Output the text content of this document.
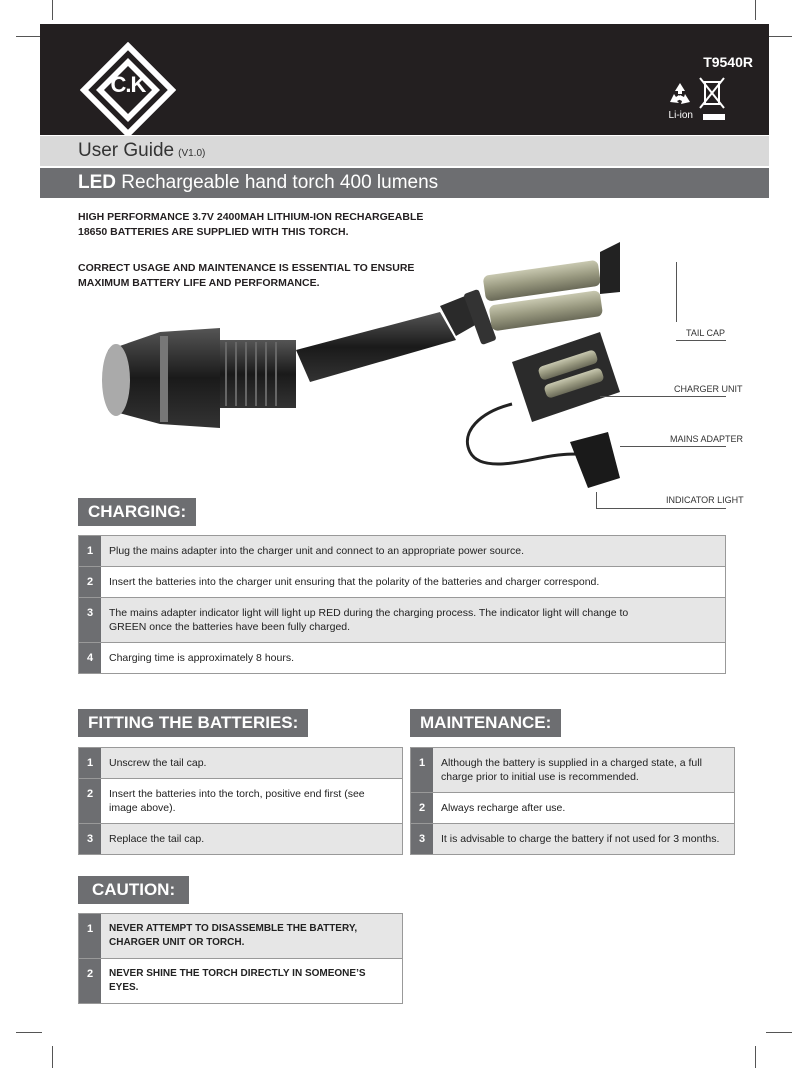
C.K
T9540R
Li-ion
User Guide (V1.0)
LED Rechargeable hand torch 400 lumens
HIGH PERFORMANCE 3.7V 2400MAH LITHIUM-ION RECHARGEABLE 18650 BATTERIES ARE SUPPLIED WITH THIS TORCH.
CORRECT USAGE AND MAINTENANCE IS ESSENTIAL TO ENSURE MAXIMUM BATTERY LIFE AND PERFORMANCE.
TAIL CAP
CHARGER UNIT
MAINS ADAPTER
INDICATOR LIGHT
CHARGING:
1	Plug the mains adapter into the charger unit and connect to an appropriate power source.
2	Insert the batteries into the charger unit ensuring that the polarity of the batteries and charger correspond.
3	The mains adapter indicator light will light up RED during the charging process. The indicator light will change to GREEN once the batteries have been fully charged.
4	Charging time is approximately 8 hours.
FITTING THE BATTERIES:
1	Unscrew the tail cap.
2	Insert the batteries into the torch, positive end first (see image above).
3	Replace the tail cap.
MAINTENANCE:
1	Although the battery is supplied in a charged state, a full charge prior to initial use is recommended.
2	Always recharge after use.
3	It is advisable to charge the battery if not used for 3 months.
CAUTION:
1	NEVER ATTEMPT TO DISASSEMBLE THE BATTERY, CHARGER UNIT OR TORCH.
2	NEVER SHINE THE TORCH DIRECTLY IN SOMEONE’S EYES.
